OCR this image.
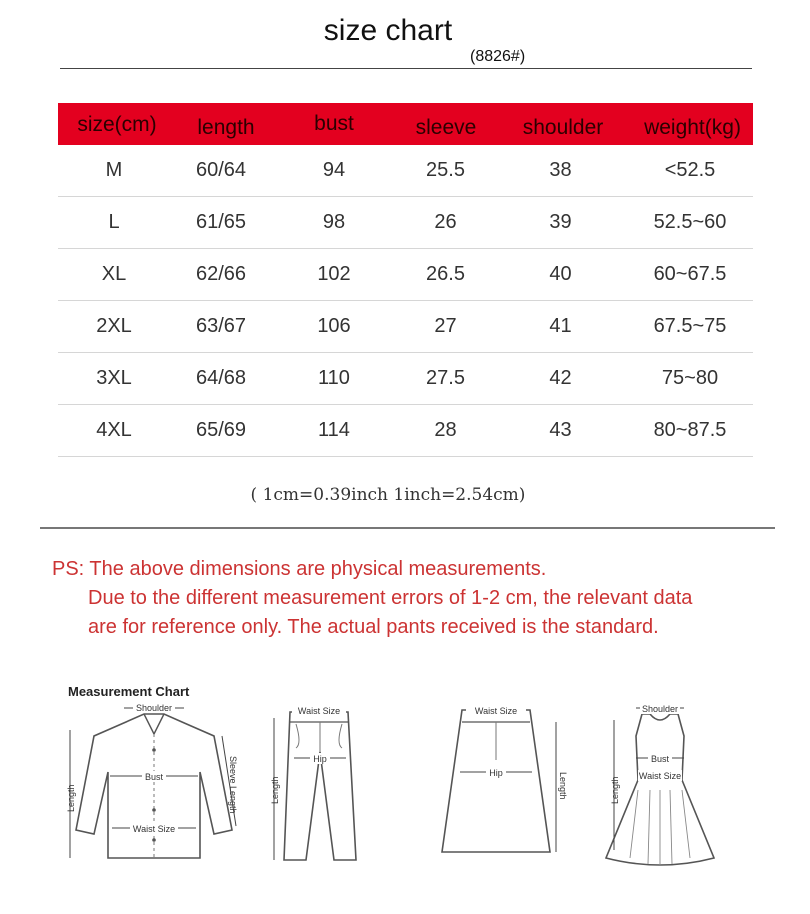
size chart
(8826#)
size(cm)	length	bust	sleeve	shoulder	weight(kg)
M	60/64	94	25.5	38	<52.5
L	61/65	98	26	39	52.5~60
XL	62/66	102	26.5	40	60~67.5
2XL	63/67	106	27	41	67.5~75
3XL	64/68	110	27.5	42	75~80
4XL	65/69	114	28	43	80~87.5
( 1cm=0.39inch 1inch=2.54cm)
PS: The above dimensions are physical measurements.
Due to the different measurement errors of 1-2 cm, the relevant data
are for reference only. The actual pants received is the standard.
Measurement Chart
Shoulder
Bust
Waist Size
Sleeve Length
Length
Waist Size
Hip
Length
Waist Size
Hip	Length
Shoulder
Bust
Waist Size
Length
